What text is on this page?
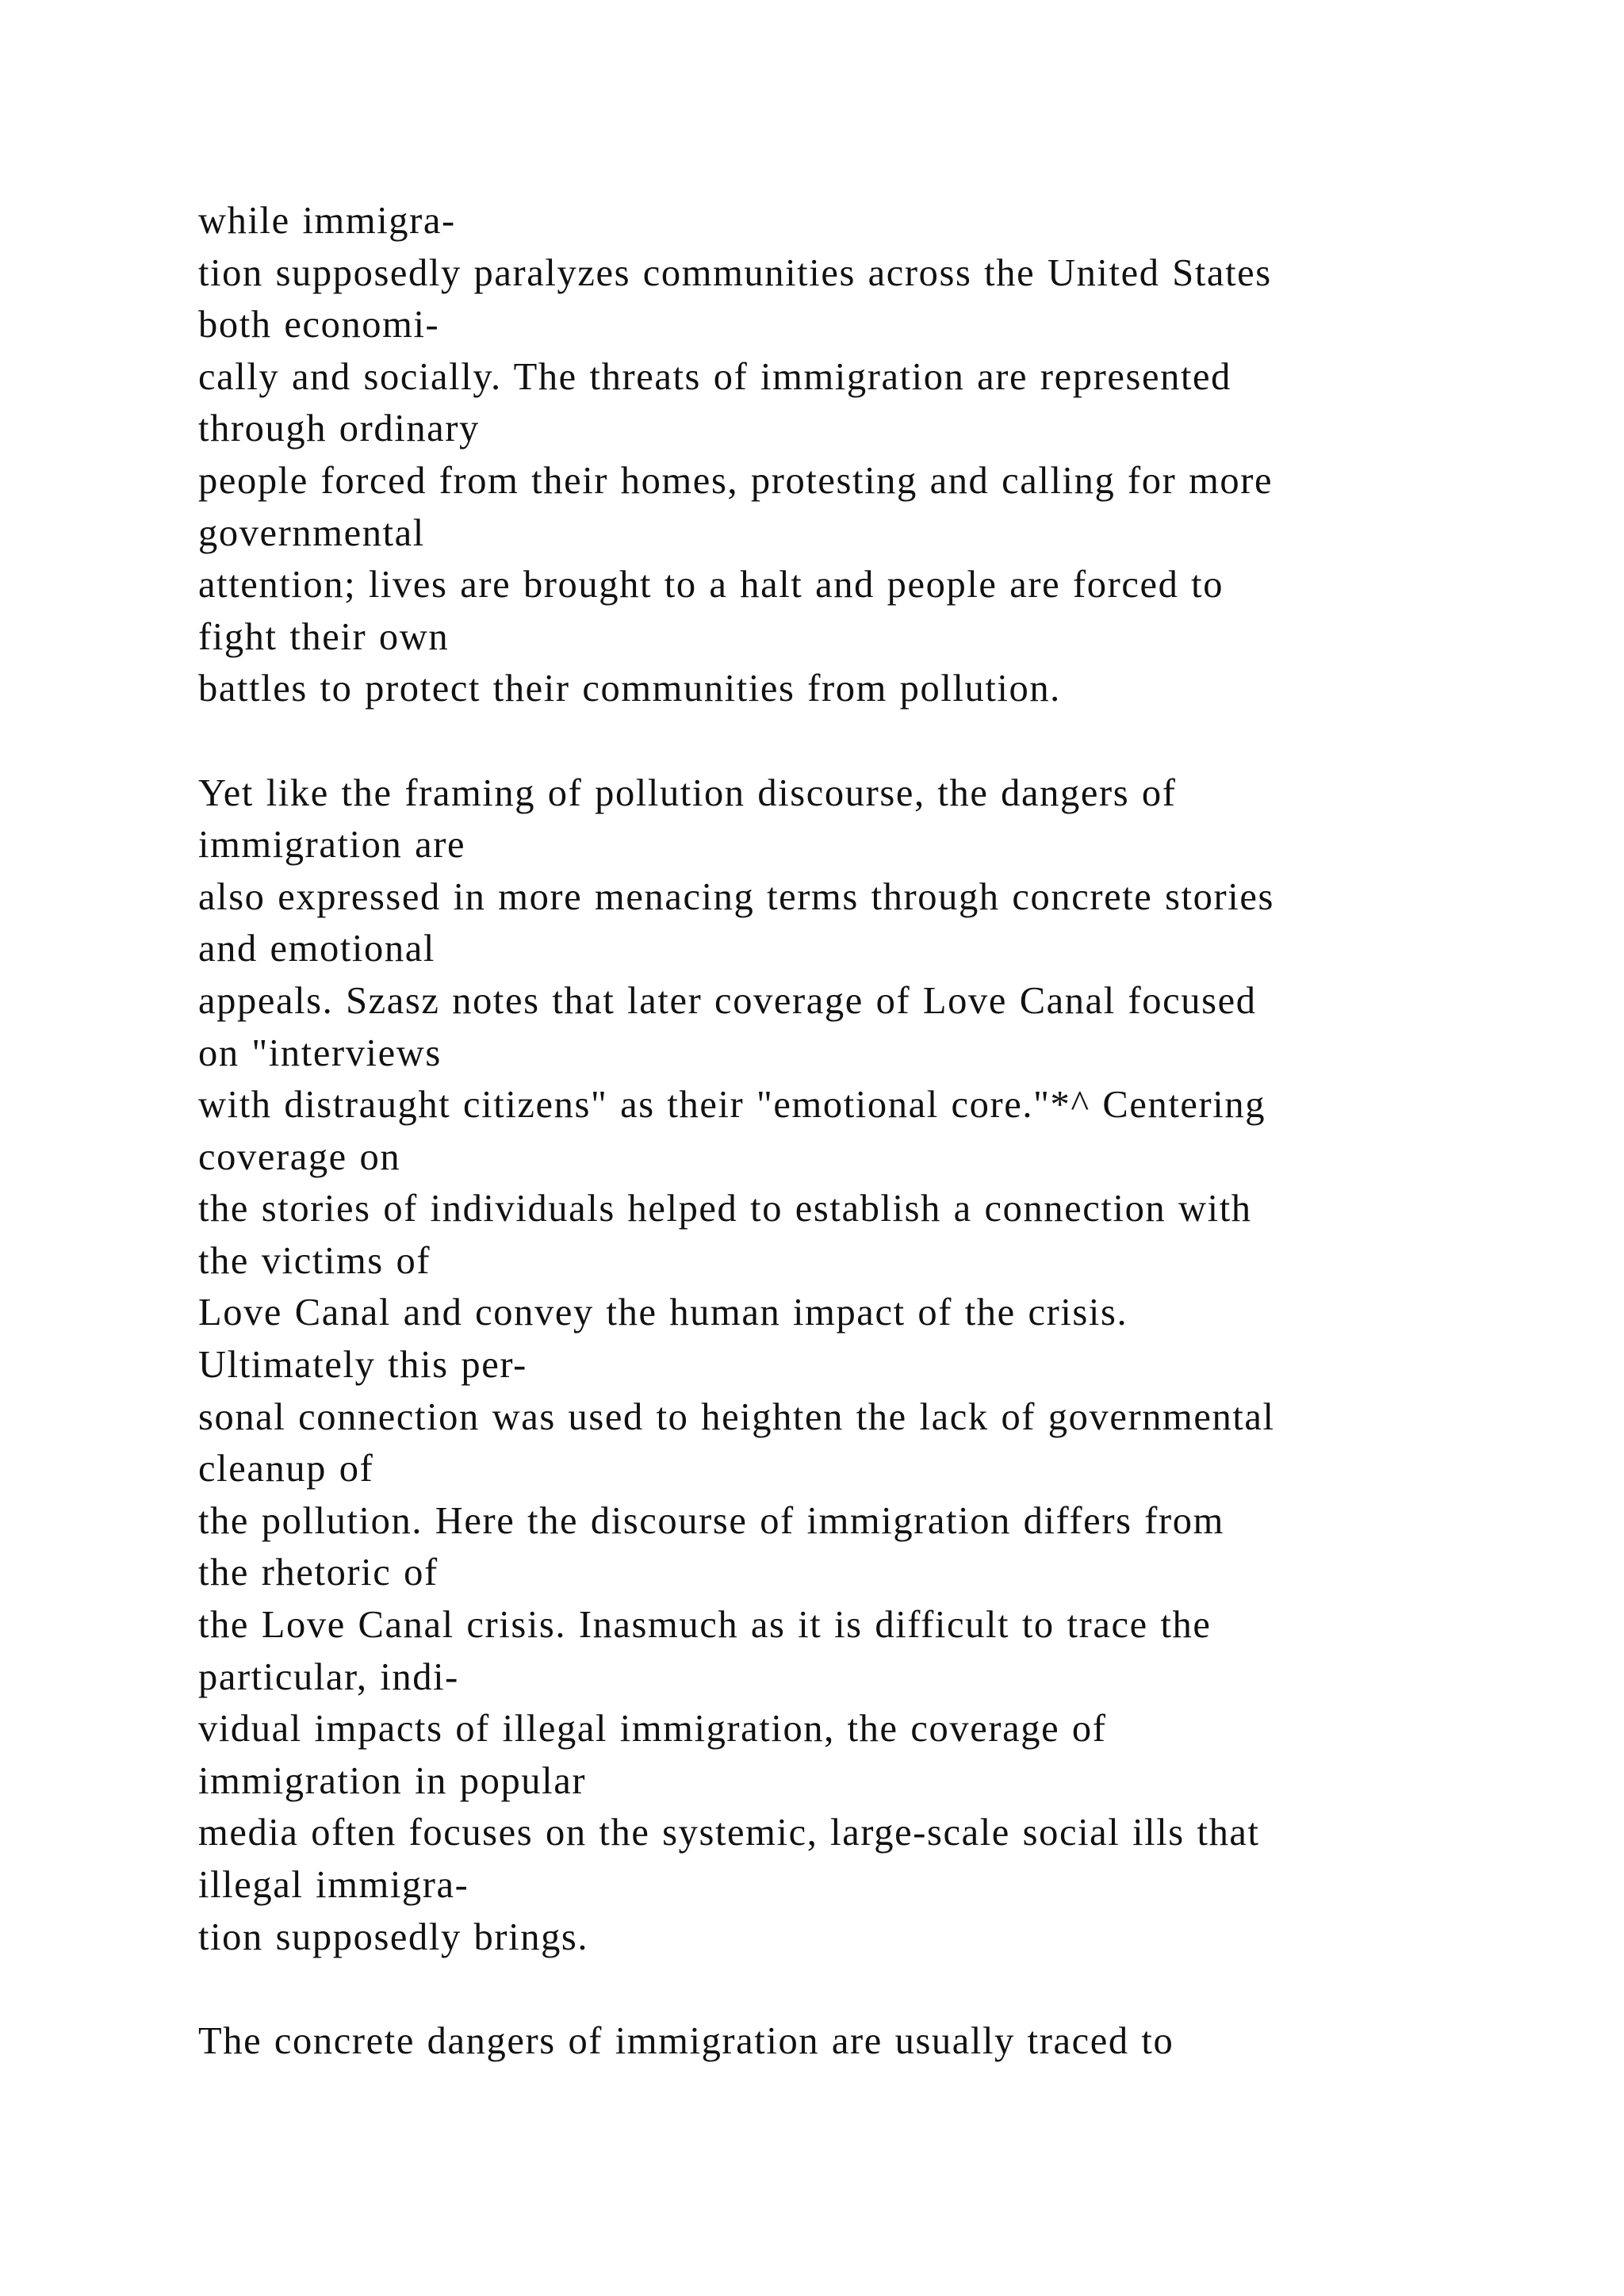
while immigra-
tion supposedly paralyzes communities across the United States
both economi-
cally and socially. The threats of immigration are represented
through ordinary
people forced from their homes, protesting and calling for more
governmental
attention; lives are brought to a halt and people are forced to
fight their own
battles to protect their communities from pollution.
Yet like the framing of pollution discourse, the dangers of
immigration are
also expressed in more menacing terms through concrete stories
and emotional
appeals. Szasz notes that later coverage of Love Canal focused
on "interviews
with distraught citizens" as their "emotional core."*^ Centering
coverage on
the stories of individuals helped to establish a connection with
the victims of
Love Canal and convey the human impact of the crisis.
Ultimately this per-
sonal connection was used to heighten the lack of governmental
cleanup of
the pollution. Here the discourse of immigration differs from
the rhetoric of
the Love Canal crisis. Inasmuch as it is difficult to trace the
particular, indi-
vidual impacts of illegal immigration, the coverage of
immigration in popular
media often focuses on the systemic, large-scale social ills that
illegal immigra-
tion supposedly brings.
The concrete dangers of immigration are usually traced to
